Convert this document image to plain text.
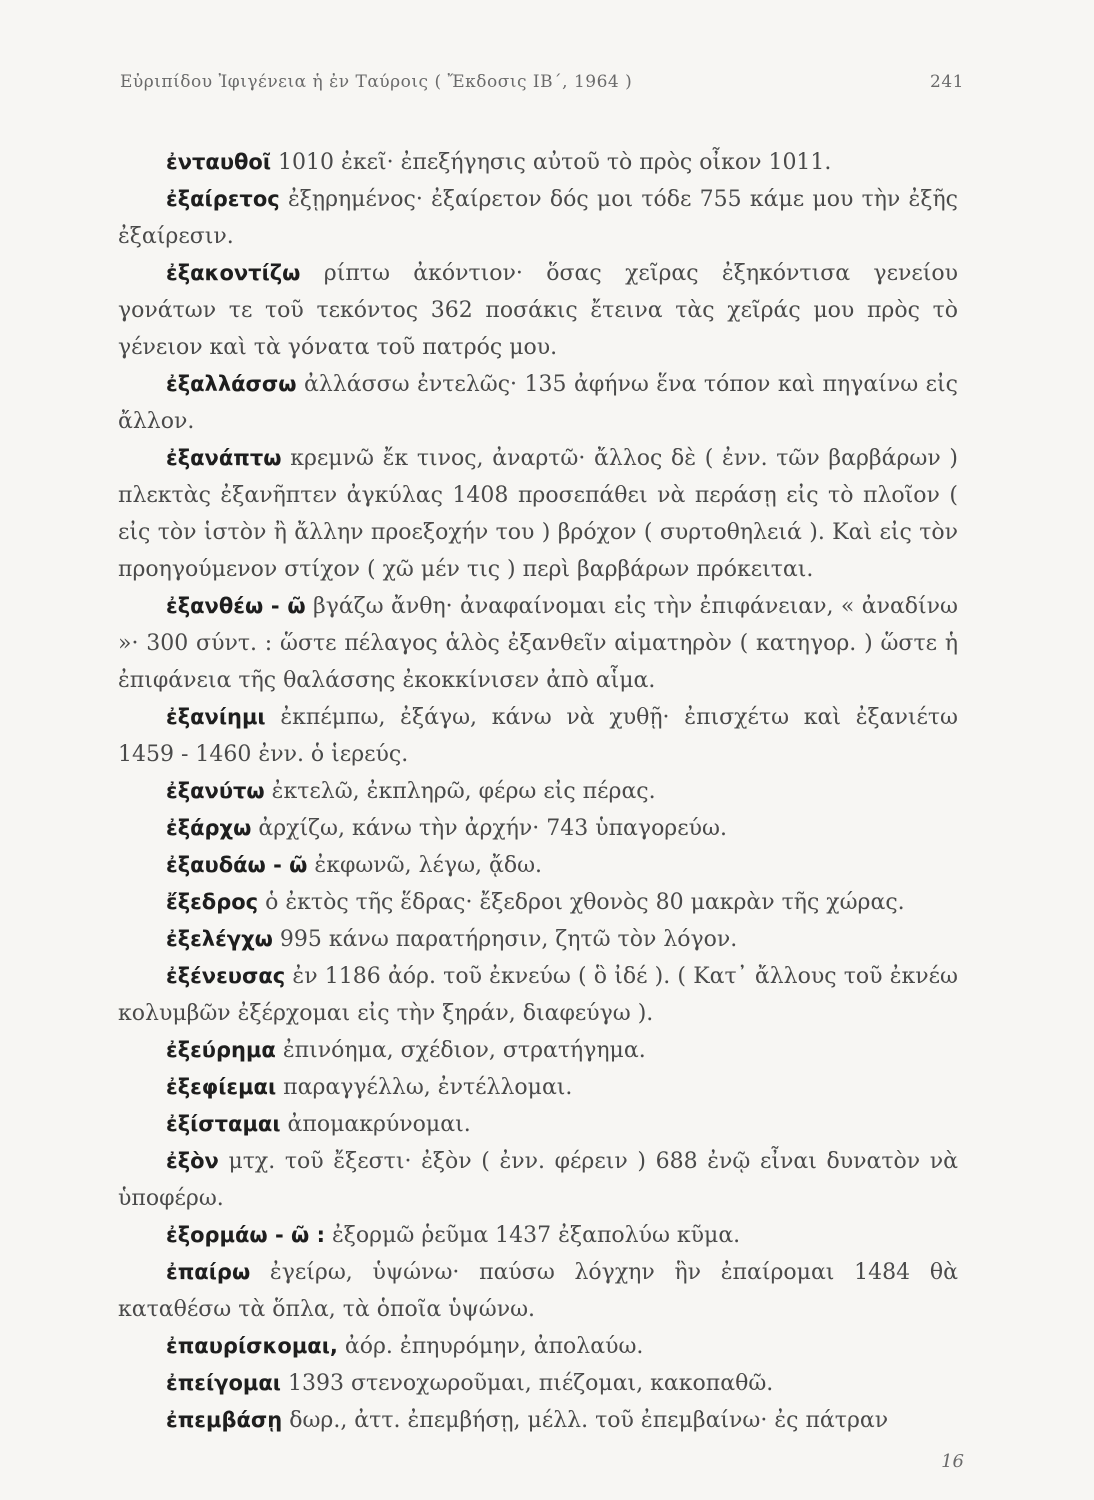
Εὐριπίδου Ἰφιγένεια ἡ ἐν Ταύροις ( Ἔκδοσις ΙΒ΄, 1964 )	241

ἐνταυθοῖ 1010 ἐκεῖ· ἐπεξήγησις αὐτοῦ τὸ πρὸς οἶκον 1011.

ἐξαίρετος ἐξῃρημένος· ἐξαίρετον δός μοι τόδε 755 κάμε μου τὴν ἐξῆς ἐξαίρεσιν.

ἐξακοντίζω ρίπτω ἀκόντιον· ὅσας χεῖρας ἐξηκόντισα γενείου γονάτων τε τοῦ τεκόντος 362 ποσάκις ἔτεινα τὰς χεῖράς μου πρὸς τὸ γένειον καὶ τὰ γόνατα τοῦ πατρός μου.

ἐξαλλάσσω ἀλλάσσω ἐντελῶς· 135 ἀφήνω ἕνα τόπον καὶ πηγαίνω εἰς ἄλλον.

ἐξανάπτω κρεμνῶ ἔκ τινος, ἀναρτῶ· ἄλλος δὲ ( ἐνν. τῶν βαρβάρων ) πλεκτὰς ἐξανῆπτεν ἀγκύλας 1408 προσεπάθει νὰ περάσῃ εἰς τὸ πλοῖον ( εἰς τὸν ἱστὸν ἢ ἄλλην προεξοχήν του ) βρόχον ( συρτοθηλειά ). Καὶ εἰς τὸν προηγούμενον στίχον ( χῶ μέν τις ) περὶ βαρβάρων πρόκειται.

ἐξανθέω - ῶ βγάζω ἄνθη· ἀναφαίνομαι εἰς τὴν ἐπιφάνειαν, « ἀναδίνω »· 300 σύντ. : ὥστε πέλαγος ἁλὸς ἐξανθεῖν αἱματηρὸν ( κατηγορ. ) ὥστε ἡ ἐπιφάνεια τῆς θαλάσσης ἐκοκκίνισεν ἀπὸ αἷμα.

ἐξανίημι ἐκπέμπω, ἐξάγω, κάνω νὰ χυθῇ· ἐπισχέτω καὶ ἐξανιέτω 1459 - 1460 ἐνν. ὁ ἱερεύς.

ἐξανύτω ἐκτελῶ, ἐκπληρῶ, φέρω εἰς πέρας.

ἐξάρχω ἀρχίζω, κάνω τὴν ἀρχήν· 743 ὑπαγορεύω.

ἐξαυδάω - ῶ ἐκφωνῶ, λέγω, ᾄδω.

ἔξεδρος ὁ ἐκτὸς τῆς ἕδρας· ἔξεδροι χθονὸς 80 μακρὰν τῆς χώρας.

ἐξελέγχω 995 κάνω παρατήρησιν, ζητῶ τὸν λόγον.

ἐξένευσας ἐν 1186 ἀόρ. τοῦ ἐκνεύω ( ὃ ἰδέ ). ( Κατ᾽ ἄλλους τοῦ ἐκνέω κολυμβῶν ἐξέρχομαι εἰς τὴν ξηράν, διαφεύγω ).

ἐξεύρημα ἐπινόημα, σχέδιον, στρατήγημα.

ἐξεφίεμαι παραγγέλλω, ἐντέλλομαι.

ἐξίσταμαι ἀπομακρύνομαι.

ἐξὸν μτχ. τοῦ ἔξεστι· ἐξὸν ( ἐνν. φέρειν ) 688 ἐνῷ εἶναι δυνατὸν νὰ ὑποφέρω.

ἐξορμάω - ῶ : ἐξορμῶ ῥεῦμα 1437 ἐξαπολύω κῦμα.

ἐπαίρω ἐγείρω, ὑψώνω· παύσω λόγχην ἣν ἐπαίρομαι 1484 θὰ καταθέσω τὰ ὅπλα, τὰ ὁποῖα ὑψώνω.

ἐπαυρίσκομαι, ἀόρ. ἐπηυρόμην, ἀπολαύω.

ἐπείγομαι 1393 στενοχωροῦμαι, πιέζομαι, κακοπαθῶ.

ἐπεμβάσῃ δωρ., ἀττ. ἐπεμβήσῃ, μέλλ. τοῦ ἐπεμβαίνω· ἐς πάτραν

16
